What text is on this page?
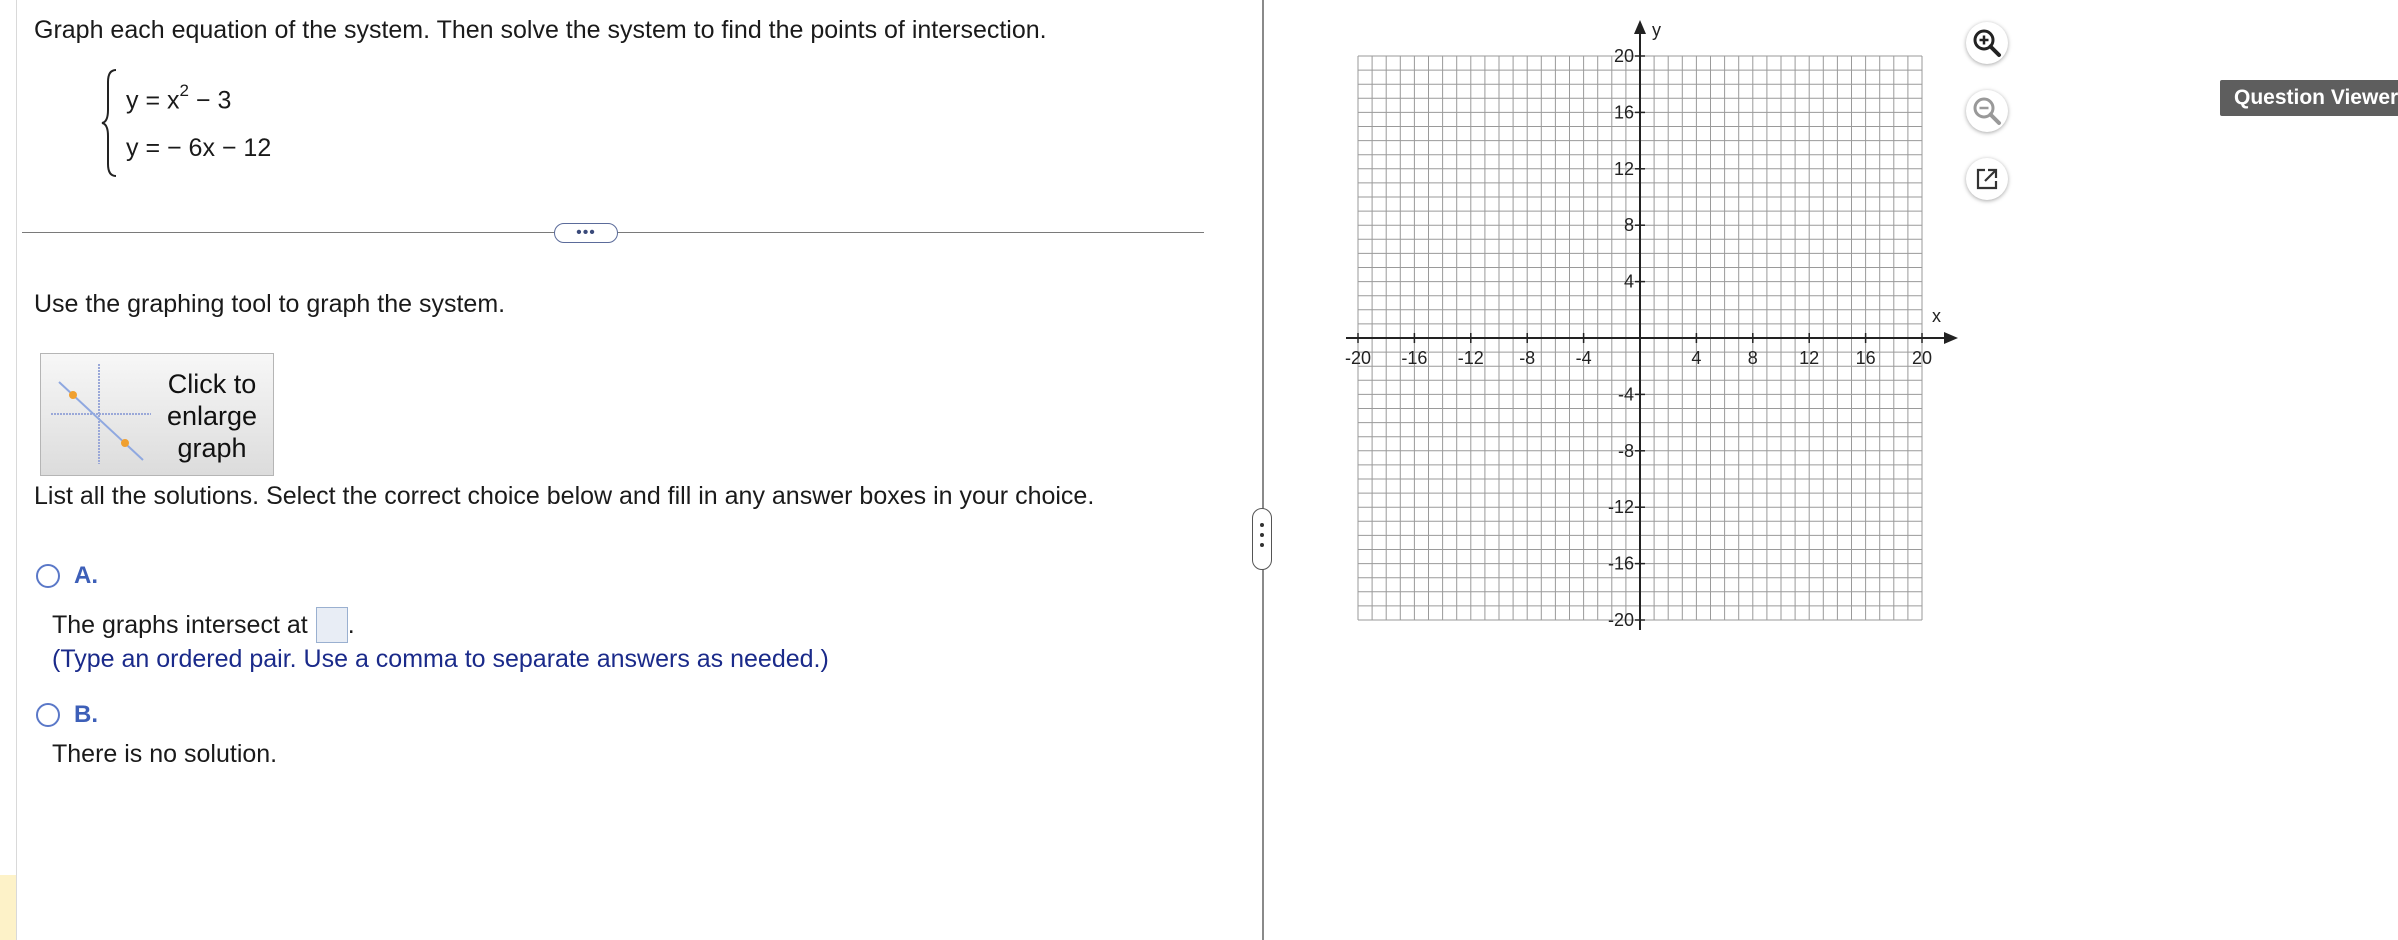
Graph each equation of the system. Then solve the system to find the points of intersection.
$y = x^2 - 3$
y = − 6x − 12
•••
Use the graphing tool to graph the system.
Click to enlarge graph
List all the solutions. Select the correct choice below and fill in any answer boxes in your choice.
A.
The graphs intersect at .
(Type an ordered pair. Use a comma to separate answers as needed.)
B.
There is no solution.
x
y
-20 -16 -12 -8 -4	4	8 12 16 20
20
16
12
8
4
-4
-8
-12
-16
-20
Question Viewer
